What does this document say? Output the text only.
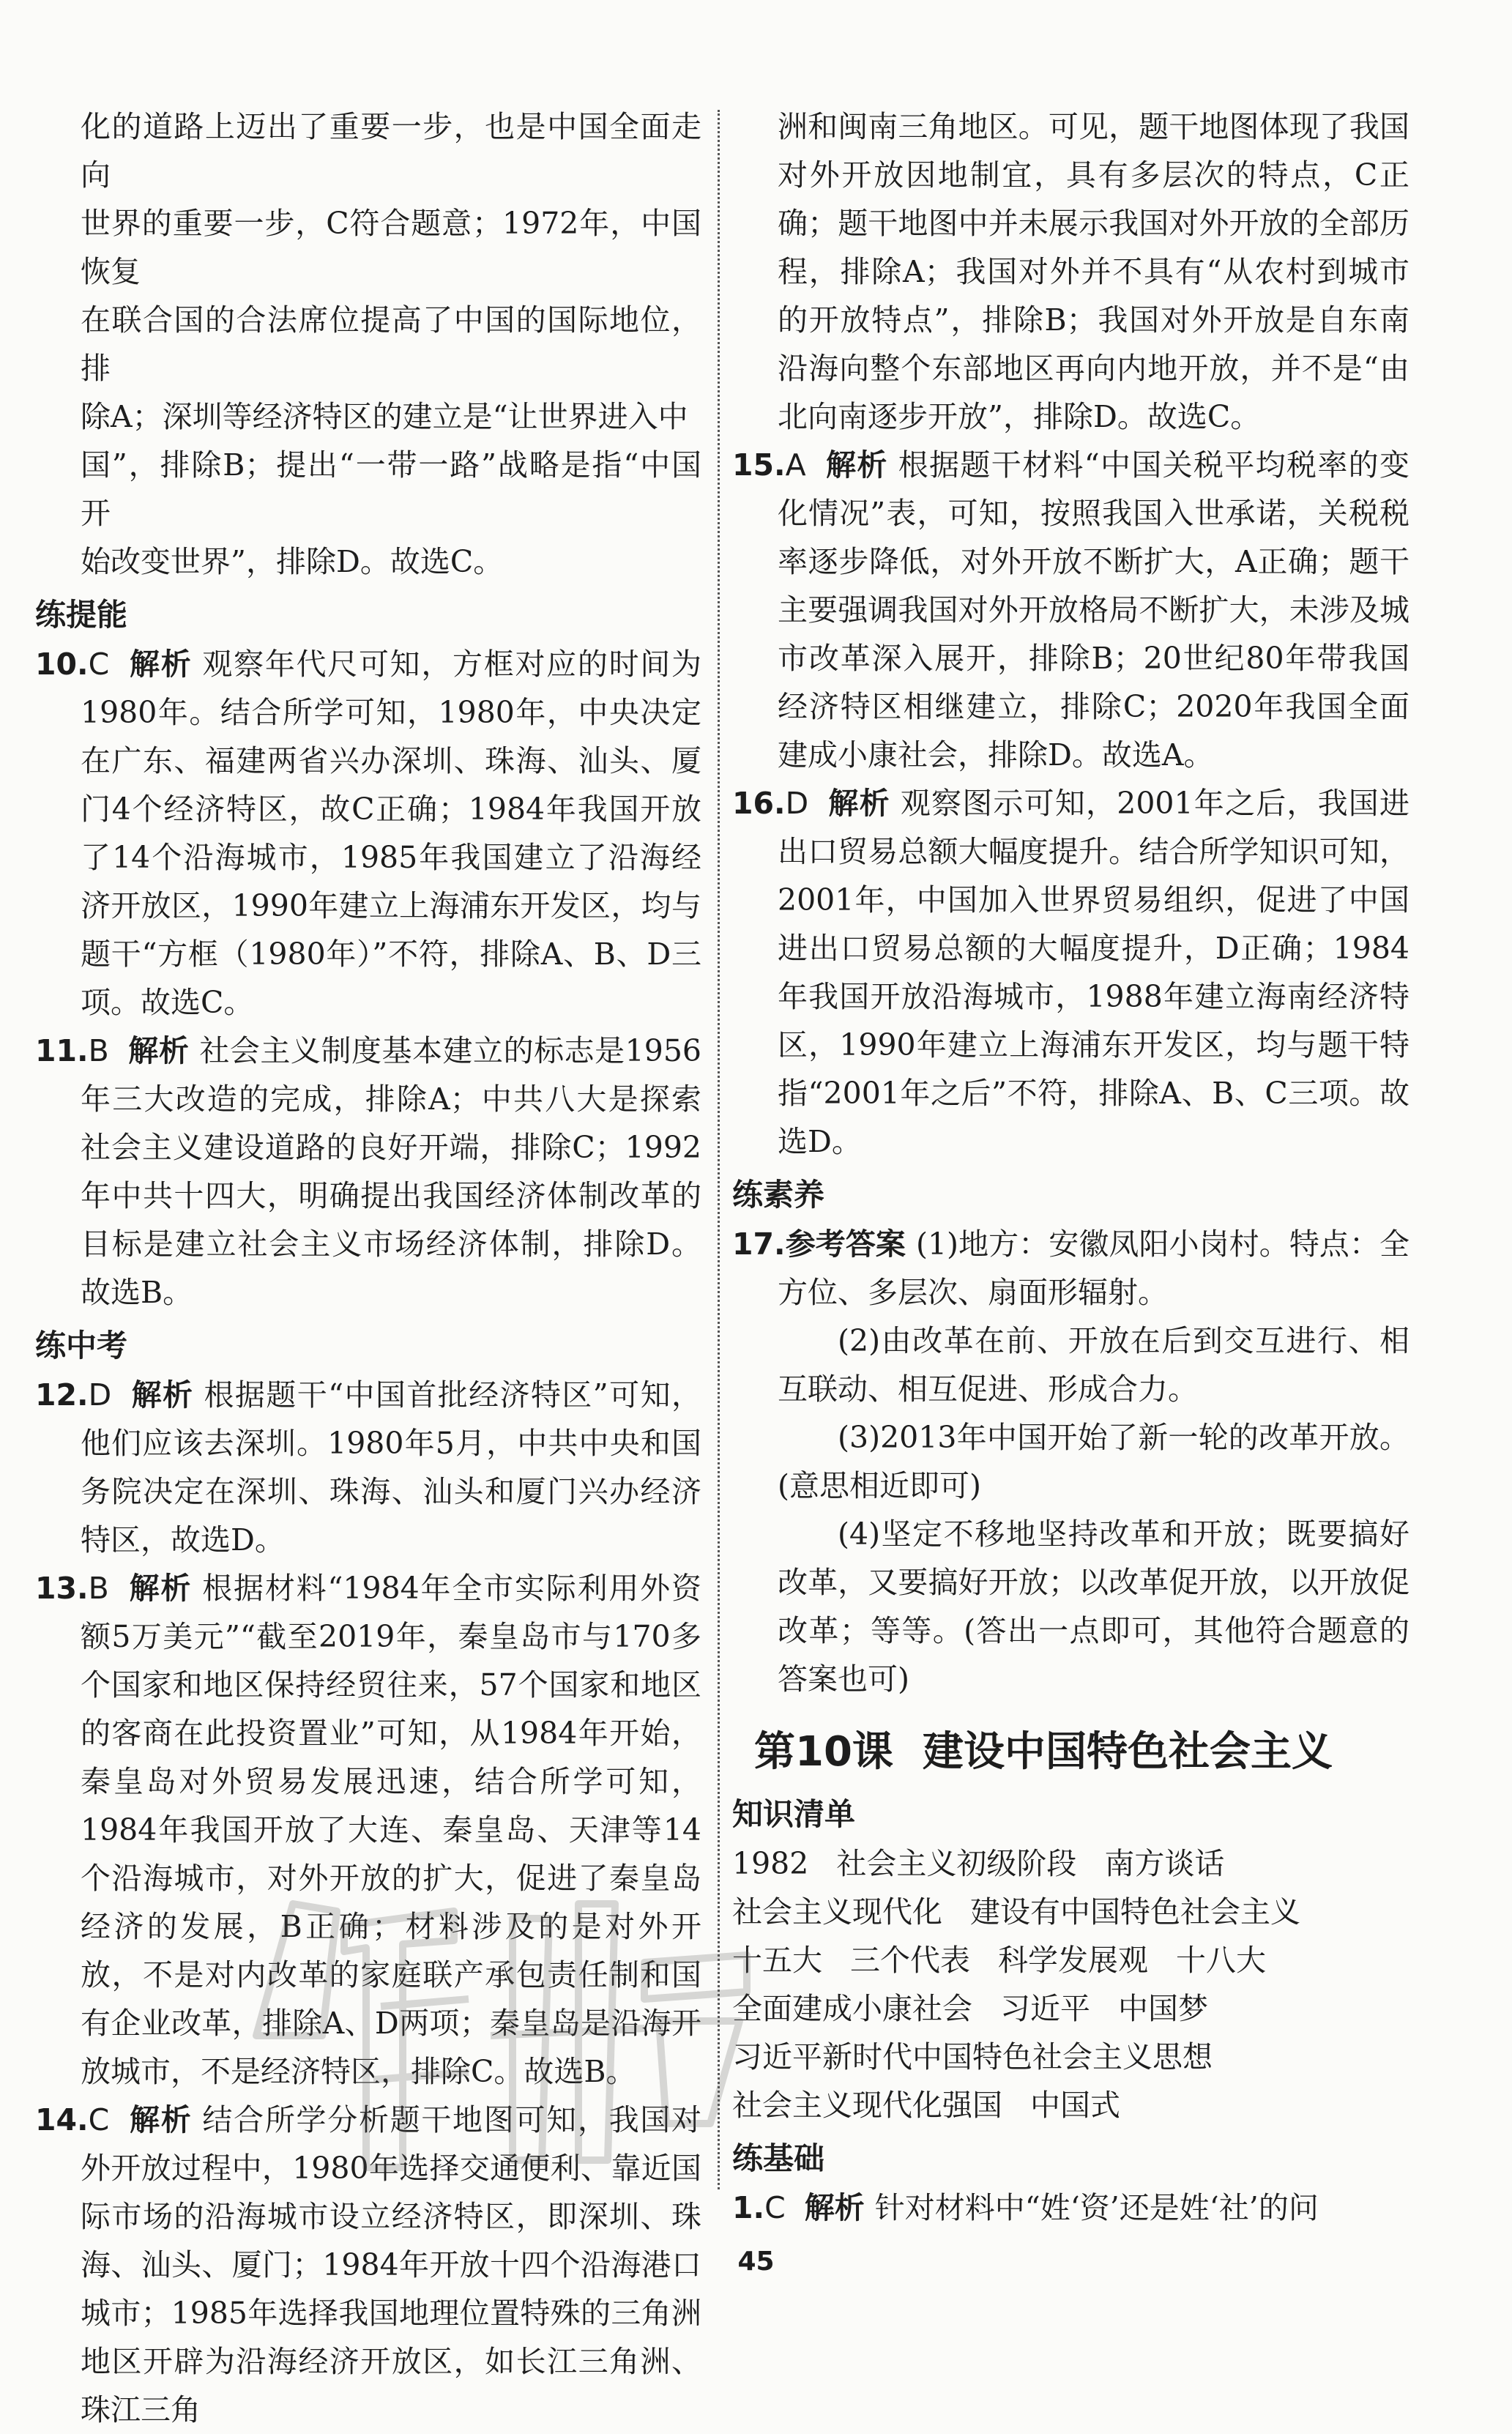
化的道路上迈出了重要一步，也是中国全面走向
世界的重要一步，C符合题意；1972年，中国恢复
在联合国的合法席位提高了中国的国际地位，排
除A；深圳等经济特区的建立是“让世界进入中
国”，排除B；提出“一带一路”战略是指“中国开
始改变世界”，排除D。故选C。
练提能

10.C 解析 观察年代尺可知，方框对应的时间为1980年。结合所学可知，1980年，中央决定在广东、福建两省兴办深圳、珠海、汕头、厦门4个经济特区，故C正确；1984年我国开放了14个沿海城市，1985年我国建立了沿海经济开放区，1990年建立上海浦东开发区，均与题干“方框（1980年）”不符，排除A、B、D三项。故选C。

11.B 解析 社会主义制度基本建立的标志是1956年三大改造的完成，排除A；中共八大是探索社会主义建设道路的良好开端，排除C；1992年中共十四大，明确提出我国经济体制改革的目标是建立社会主义市场经济体制，排除D。故选B。

练中考

12.D 解析 根据题干“中国首批经济特区”可知，他们应该去深圳。1980年5月，中共中央和国务院决定在深圳、珠海、汕头和厦门兴办经济特区，故选D。

13.B 解析 根据材料“1984年全市实际利用外资额5万美元”“截至2019年，秦皇岛市与170多个国家和地区保持经贸往来，57个国家和地区的客商在此投资置业”可知，从1984年开始，秦皇岛对外贸易发展迅速，结合所学可知，1984年我国开放了大连、秦皇岛、天津等14个沿海城市，对外开放的扩大，促进了秦皇岛经济的发展，B正确；材料涉及的是对外开放，不是对内改革的家庭联产承包责任制和国有企业改革，排除A、D两项；秦皇岛是沿海开放城市，不是经济特区，排除C。故选B。

14.C 解析 结合所学分析题干地图可知，我国对外开放过程中，1980年选择交通便利、靠近国际市场的沿海城市设立经济特区，即深圳、珠海、汕头、厦门；1984年开放十四个沿海港口城市；1985年选择我国地理位置特殊的三角洲地区开辟为沿海经济开放区，如长江三角洲、珠江三角

洲和闽南三角地区。可见，题干地图体现了我国对外开放因地制宜，具有多层次的特点，C正确；题干地图中并未展示我国对外开放的全部历程，排除A；我国对外并不具有“从农村到城市的开放特点”，排除B；我国对外开放是自东南沿海向整个东部地区再向内地开放，并不是“由北向南逐步开放”，排除D。故选C。

15.A 解析 根据题干材料“中国关税平均税率的变化情况”表，可知，按照我国入世承诺，关税税率逐步降低，对外开放不断扩大，A正确；题干主要强调我国对外开放格局不断扩大，未涉及城市改革深入展开，排除B；20世纪80年带我国经济特区相继建立，排除C；2020年我国全面建成小康社会，排除D。故选A。

16.D 解析 观察图示可知，2001年之后，我国进出口贸易总额大幅度提升。结合所学知识可知，2001年，中国加入世界贸易组织，促进了中国进出口贸易总额的大幅度提升，D正确；1984年我国开放沿海城市，1988年建立海南经济特区，1990年建立上海浦东开发区，均与题干特指“2001年之后”不符，排除A、B、C三项。故选D。

练素养

17.参考答案 (1)地方：安徽凤阳小岗村。特点：全方位、多层次、扇面形辐射。

(2)由改革在前、开放在后到交互进行、相互联动、相互促进、形成合力。

(3)2013年中国开始了新一轮的改革开放。(意思相近即可)

(4)坚定不移地坚持改革和开放；既要搞好改革，又要搞好开放；以改革促开放，以开放促改革；等等。(答出一点即可，其他符合题意的答案也可)

第10课 建设中国特色社会主义
知识清单

1982 社会主义初级阶段 南方谈话社会主义现代化 建设有中国特色社会主义十五大 三个代表 科学发展观 十八大全面建成小康社会 习近平 中国梦习近平新时代中国特色社会主义思想社会主义现代化强国 中国式

练基础

1.C 解析 针对材料中“姓‘资’还是姓‘社’的问

45
